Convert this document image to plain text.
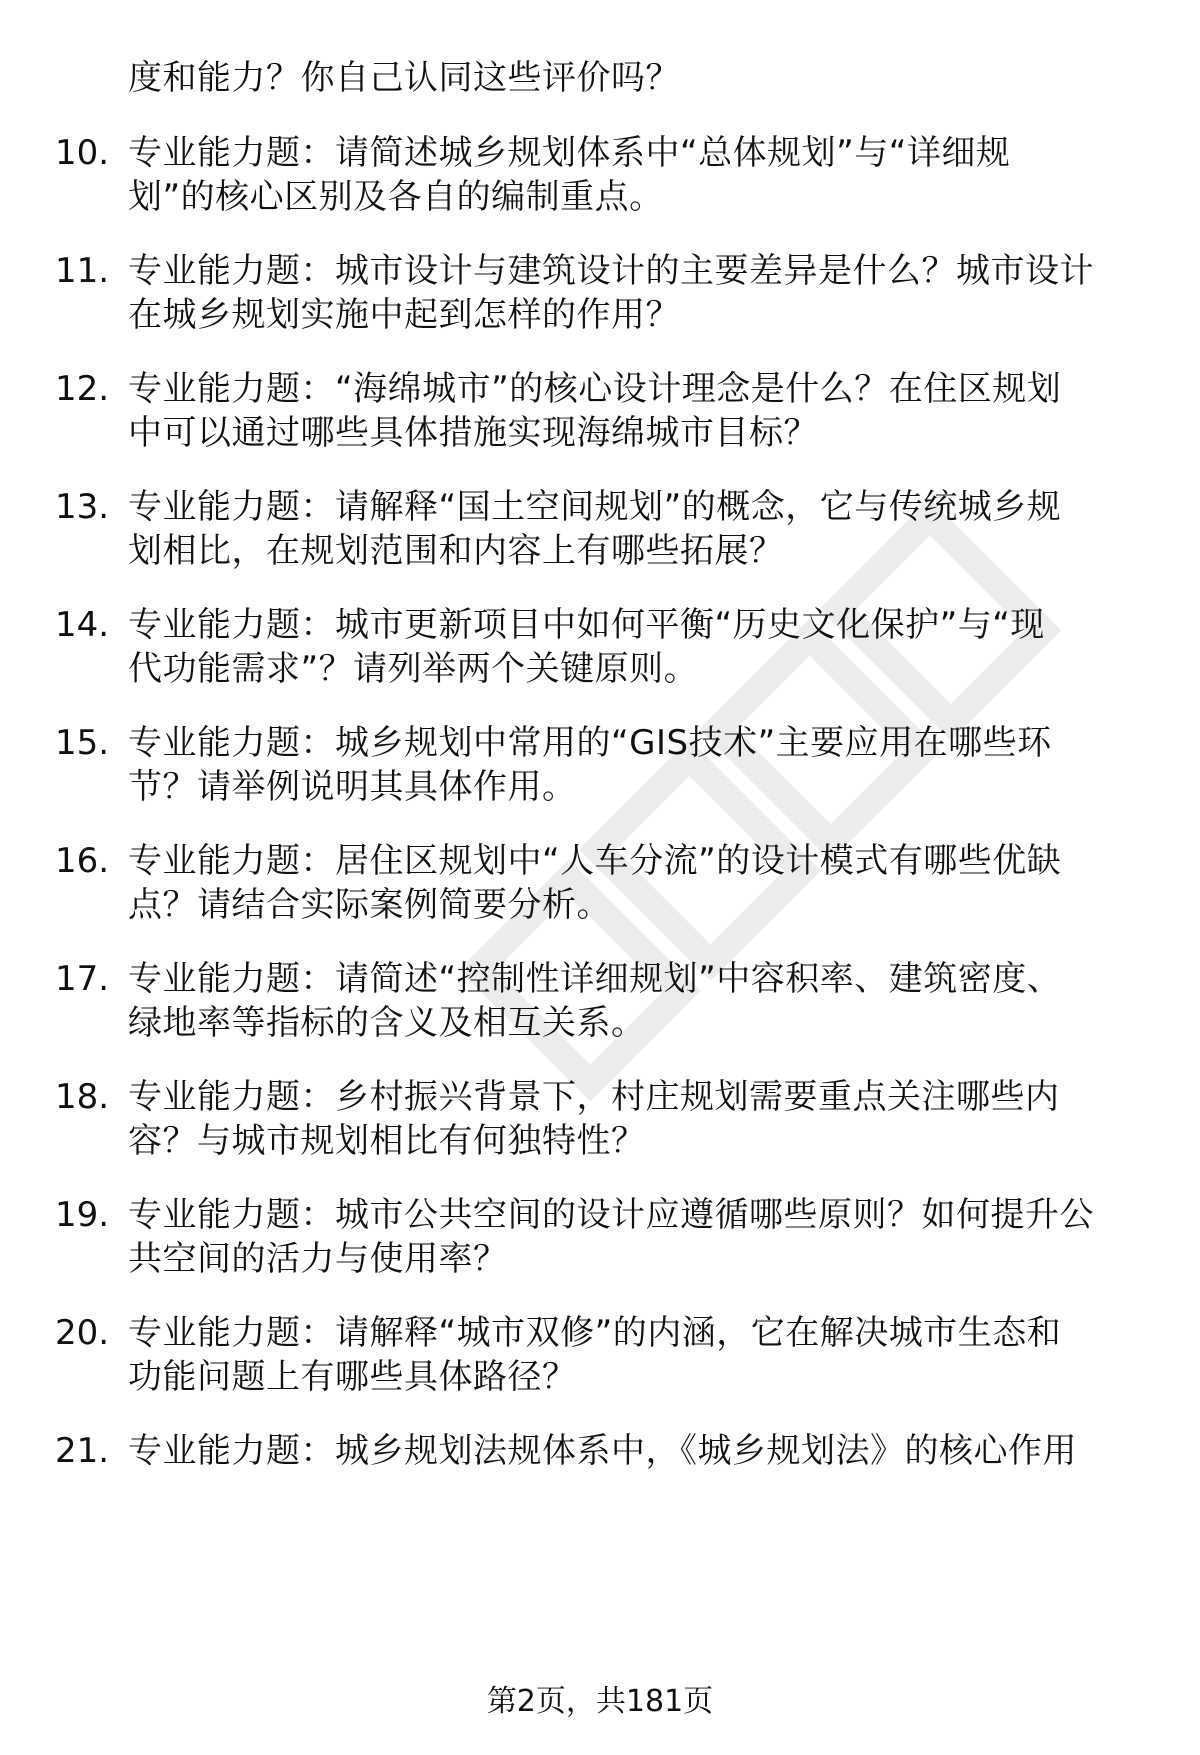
度和能力？你自己认同这些评价吗？
10. 专业能力题：请简述城乡规划体系中“总体规划”与“详细规
划”的核心区别及各自的编制重点。
11. 专业能力题：城市设计与建筑设计的主要差异是什么？城市设计
在城乡规划实施中起到怎样的作用？
12. 专业能力题：“海绵城市”的核心设计理念是什么？在住区规划
中可以通过哪些具体措施实现海绵城市目标？
13. 专业能力题：请解释“国土空间规划”的概念，它与传统城乡规
划相比，在规划范围和内容上有哪些拓展？
14. 专业能力题：城市更新项目中如何平衡“历史文化保护”与“现
代功能需求”？请列举两个关键原则。
15. 专业能力题：城乡规划中常用的“GIS技术”主要应用在哪些环
节？请举例说明其具体作用。
16. 专业能力题：居住区规划中“人车分流”的设计模式有哪些优缺
点？请结合实际案例简要分析。
17. 专业能力题：请简述“控制性详细规划”中容积率、建筑密度、
绿地率等指标的含义及相互关系。
18. 专业能力题：乡村振兴背景下，村庄规划需要重点关注哪些内
容？与城市规划相比有何独特性？
19. 专业能力题：城市公共空间的设计应遵循哪些原则？如何提升公
共空间的活力与使用率？
20. 专业能力题：请解释“城市双修”的内涵，它在解决城市生态和
功能问题上有哪些具体路径？
21. 专业能力题：城乡规划法规体系中，《城乡规划法》的核心作用
第2页，共181页
